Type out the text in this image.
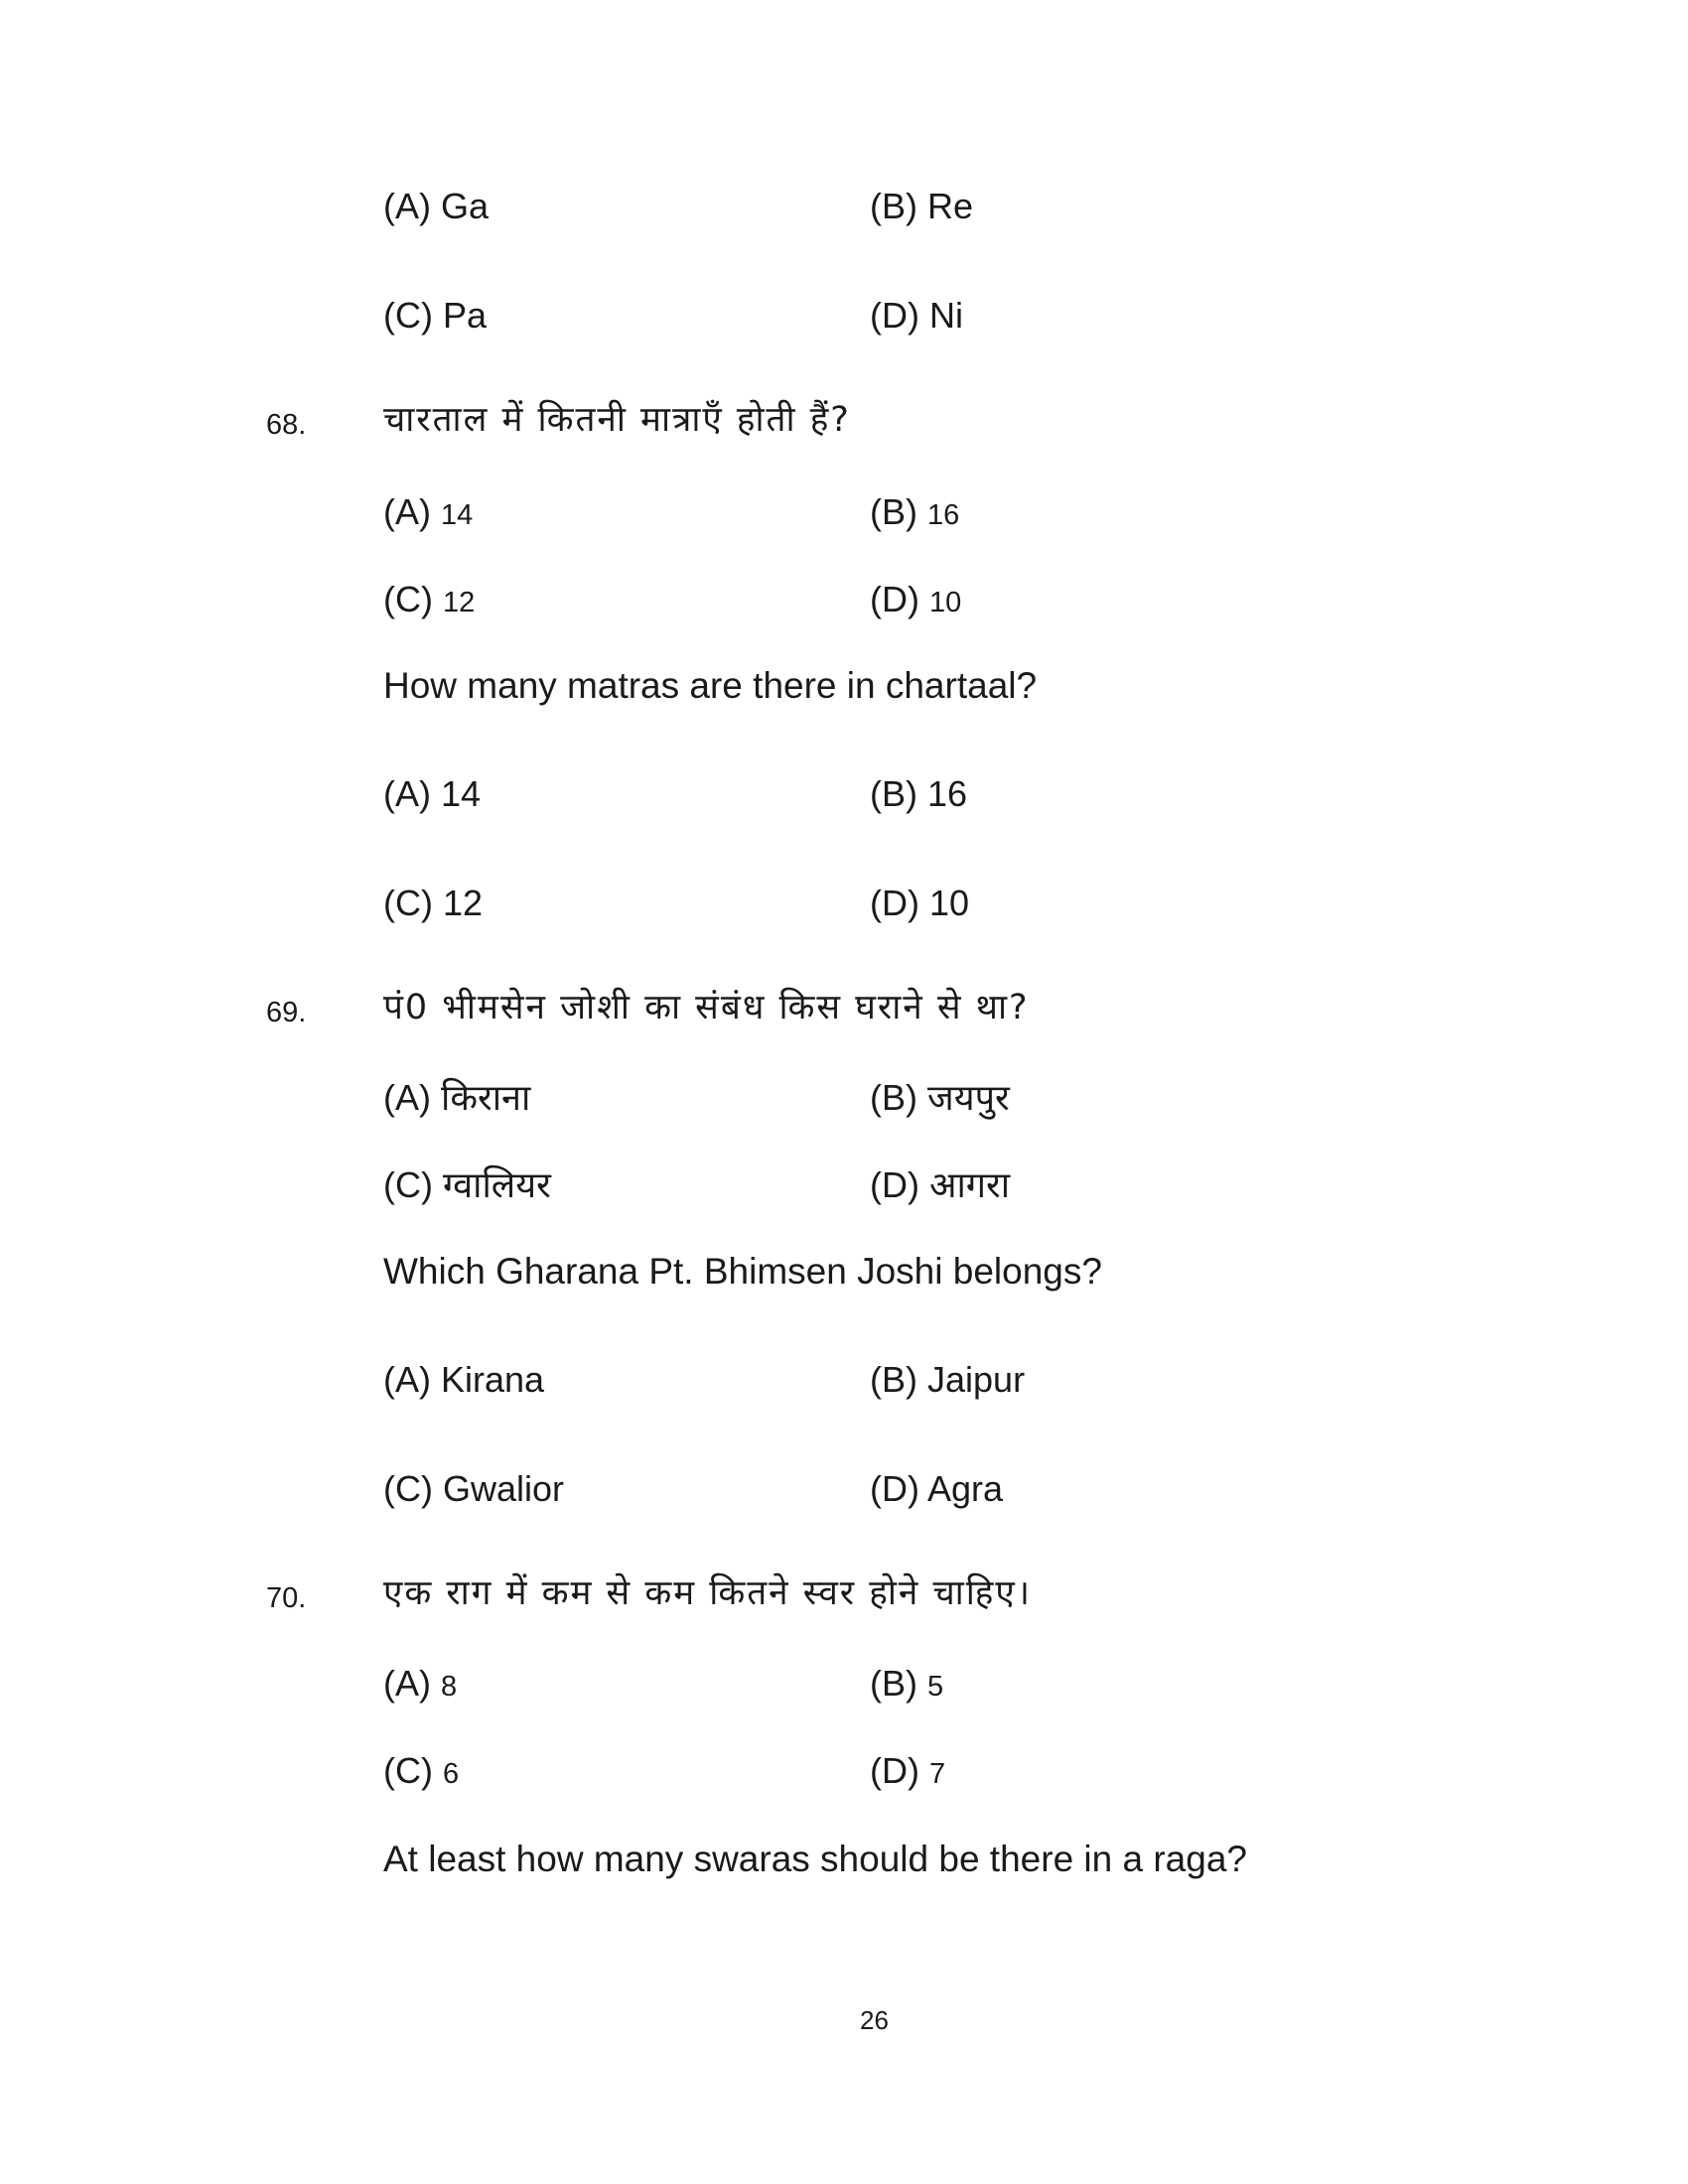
(A) Ga	(B) Re
(C) Pa	(D) Ni
68. चारताल में कितनी मात्राएँ होती हैं?
(A) 14	(B) 16
(C) 12	(D) 10
How many matras are there in chartaal?
(A) 14	(B) 16
(C) 12	(D) 10
69. पं0 भीमसेन जोशी का संबंध किस घराने से था?
(A) किराना	(B) जयपुर
(C) ग्वालियर	(D) आगरा
Which Gharana Pt. Bhimsen Joshi belongs?
(A) Kirana	(B) Jaipur
(C) Gwalior	(D) Agra
70. एक राग में कम से कम कितने स्वर होने चाहिए।
(A) 8	(B) 5
(C) 6	(D) 7
At least how many swaras should be there in a raga?
26
